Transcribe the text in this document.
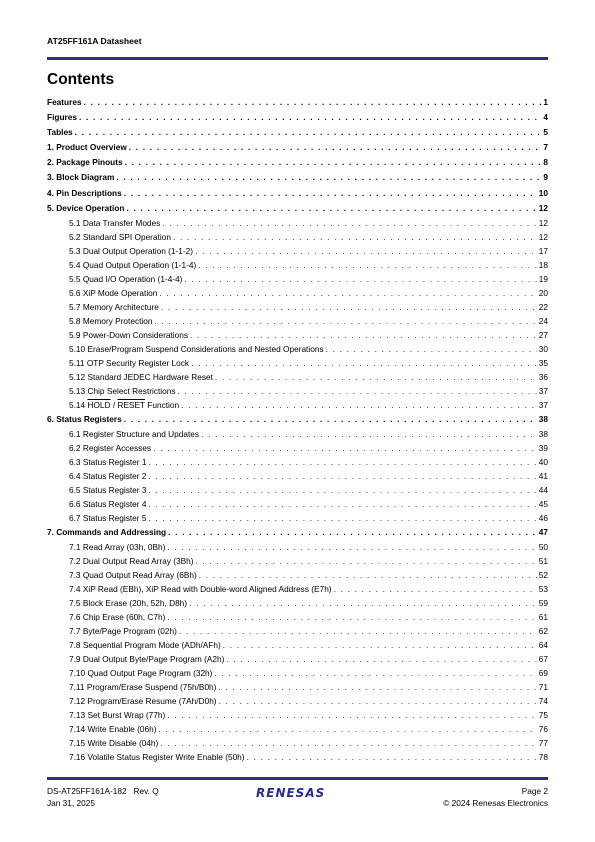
AT25FF161A Datasheet
Contents
Features . . .	1
Figures . . .	4
Tables . . .	5
1. Product Overview . . .	7
2. Package Pinouts . . .	8
3. Block Diagram . . .	9
4. Pin Descriptions . . .	10
5. Device Operation . . .	12
5.1 Data Transfer Modes . . .	12
5.2 Standard SPI Operation . . .	12
5.3 Dual Output Operation (1-1-2) . . .	17
5.4 Quad Output Operation (1-1-4) . . .	18
5.5 Quad I/O Operation (1-4-4) . . .	19
5.6 XiP Mode Operation . . .	20
5.7 Memory Architecture . . .	22
5.8 Memory Protection . . .	24
5.9 Power-Down Considerations . . .	27
5.10 Erase/Program Suspend Considerations and Nested Operations . . .	30
5.11 OTP Security Register Lock . . .	35
5.12 Standard JEDEC Hardware Reset . . .	36
5.13 Chip Select Restrictions . . .	37
5.14 HOLD / RESET Function . . .	37
6. Status Registers . . .	38
6.1 Register Structure and Updates . . .	38
6.2 Register Accesses . . .	39
6.3 Status Register 1 . . .	40
6.4 Status Register 2 . . .	41
6.5 Status Register 3 . . .	44
6.6 Status Register 4 . . .	45
6.7 Status Register 5 . . .	46
7. Commands and Addressing . . .	47
7.1 Read Array (03h, 0Bh) . . .	50
7.2 Dual Output Read Array (3Bh) . . .	51
7.3 Quad Output Read Array (6Bh) . . .	52
7.4 XiP Read (EBh), XiP Read with Double-word Aligned Address (E7h) . . .	53
7.5 Block Erase (20h, 52h, D8h) . . .	59
7.6 Chip Erase (60h, C7h) . . .	61
7.7 Byte/Page Program (02h) . . .	62
7.8 Sequential Program Mode (ADh/AFh) . . .	64
7.9 Dual Output Byte/Page Program (A2h) . . .	67
7.10 Quad Output Page Program (32h) . . .	69
7.11 Program/Erase Suspend (75h/B0h) . . .	71
7.12 Program/Erase Resume (7Ah/D0h) . . .	74
7.13 Set Burst Wrap (77h) . . .	75
7.14 Write Enable (06h) . . .	76
7.15 Write Disable (04h) . . .	77
7.16 Volatile Status Register Write Enable (50h) . . .	78
DS-AT25FF161A-182   Rev. Q
Jan 31, 2025
RENESAS	Page 2
© 2024 Renesas Electronics
